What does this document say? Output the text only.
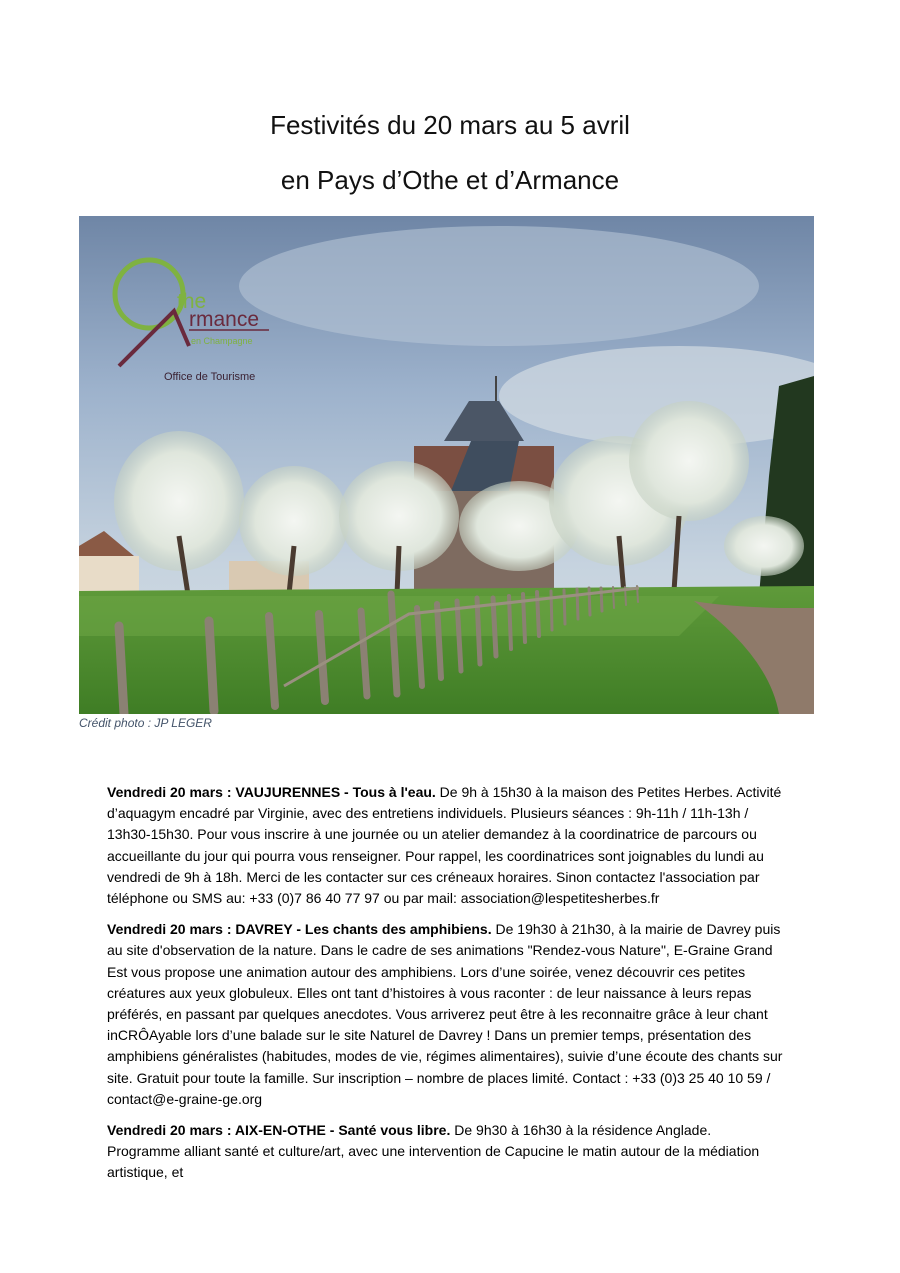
Festivités du 20 mars au 5 avril
en Pays d’Othe et d’Armance
the
rmance
en Champagne
Office de Tourisme
Crédit photo : JP LEGER

Vendredi 20 mars : VAUJURENNES - Tous à l'eau. De 9h à 15h30 à la maison des Petites Herbes. Activité d’aquagym encadré par Virginie, avec des entretiens individuels. Plusieurs séances : 9h-11h / 11h-13h / 13h30-15h30. Pour vous inscrire à une journée ou un atelier demandez à la coordinatrice de parcours ou accueillante du jour qui pourra vous renseigner. Pour rappel, les coordinatrices sont joignables du lundi au vendredi de 9h à 18h. Merci de les contacter sur ces créneaux horaires. Sinon contactez l'association par téléphone ou SMS au: +33 (0)7 86 40 77 97 ou par mail: association@lespetitesherbes.fr

Vendredi 20 mars : DAVREY - Les chants des amphibiens. De 19h30 à 21h30, à la mairie de Davrey puis au site d'observation de la nature. Dans le cadre de ses animations "Rendez-vous Nature", E-Graine Grand Est vous propose une animation autour des amphibiens. Lors d’une soirée, venez découvrir ces petites créatures aux yeux globuleux. Elles ont tant d’histoires à vous raconter : de leur naissance à leurs repas préférés, en passant par quelques anecdotes. Vous arriverez peut être à les reconnaitre grâce à leur chant inCRÔAyable lors d’une balade sur le site Naturel de Davrey ! Dans un premier temps, présentation des amphibiens généralistes (habitudes, modes de vie, régimes alimentaires), suivie d’une écoute des chants sur site. Gratuit pour toute la famille. Sur inscription – nombre de places limité. Contact : +33 (0)3 25 40 10 59 / contact@e-graine-ge.org

Vendredi 20 mars : AIX-EN-OTHE - Santé vous libre. De 9h30 à 16h30 à la résidence Anglade. Programme alliant santé et culture/art, avec une intervention de Capucine le matin autour de la médiation artistique, et
